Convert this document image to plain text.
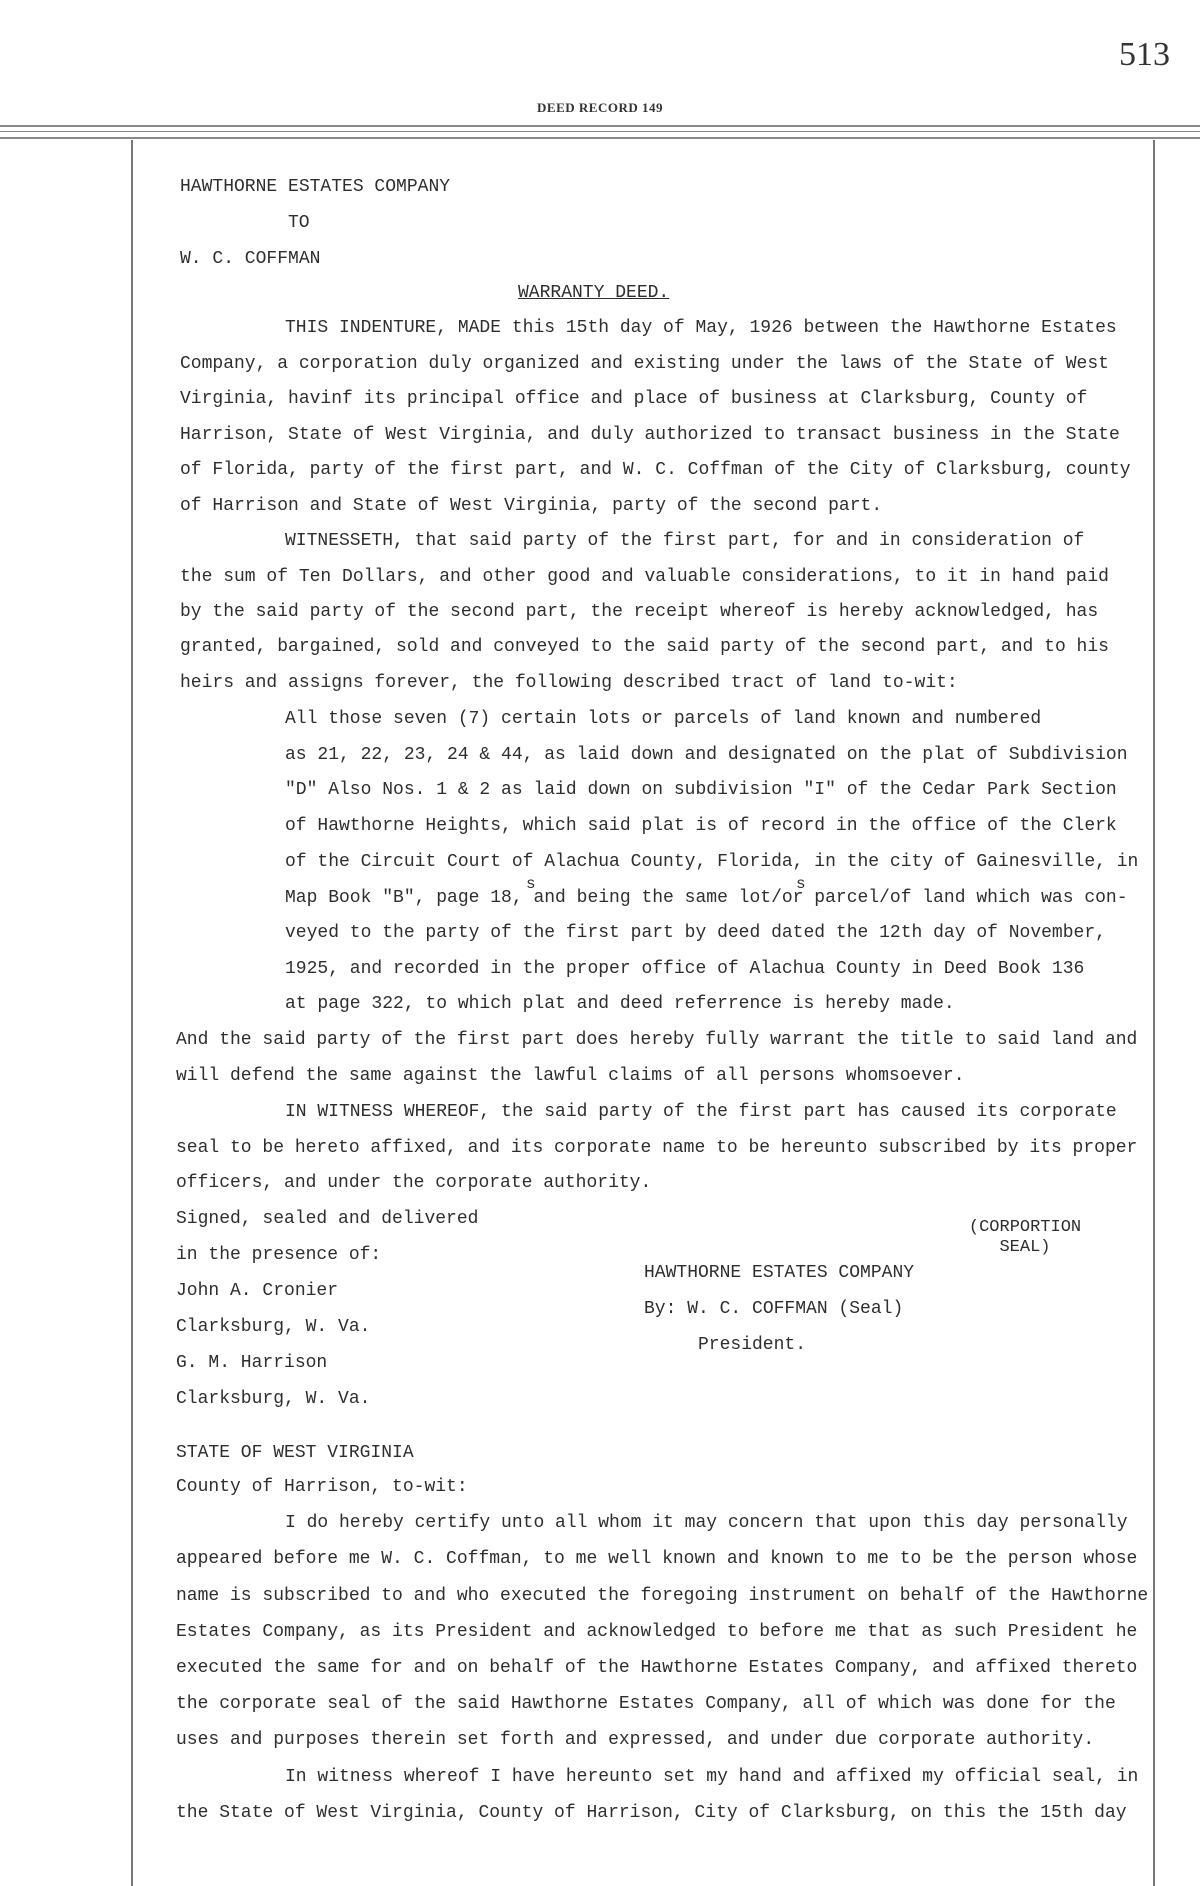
513
DEED RECORD 149
HAWTHORNE ESTATES COMPANY
TO
W. C. COFFMAN
WARRANTY DEED.
THIS INDENTURE, MADE this 15th day of May, 1926 between the Hawthorne Estates
Company, a corporation duly organized and existing under the laws of the State of West
Virginia, havinf its principal office and place of business at Clarksburg, County of
Harrison, State of West Virginia, and duly authorized to transact business in the State
of Florida, party of the first part, and W. C. Coffman of the City of Clarksburg, county
of Harrison and State of West Virginia, party of the second part.
WITNESSETH, that said party of the first part, for and in consideration of
the sum of Ten Dollars, and other good and valuable considerations, to it in hand paid
by the said party of the second part, the receipt whereof is hereby acknowledged, has
granted, bargained, sold and conveyed to the said party of the second part, and to his
heirs and assigns forever, the following described tract of land to-wit:
All those seven (7) certain lots or parcels of land known and numbered
as 21, 22, 23, 24 & 44, as laid down and designated on the plat of Subdivision
"D" Also Nos. 1 & 2 as laid down on subdivision "I" of the Cedar Park Section
of Hawthorne Heights, which said plat is of record in the office of the Clerk
of the Circuit Court of Alachua County, Florida, in the city of Gainesville, in
s	s
Map Book "B", page 18, and being the same lot/or parcel/of land which was con-
veyed to the party of the first part by deed dated the 12th day of November,
1925, and recorded in the proper office of Alachua County in Deed Book 136
at page 322, to which plat and deed referrence is hereby made.
And the said party of the first part does hereby fully warrant the title to said land and
will defend the same against the lawful claims of all persons whomsoever.
IN WITNESS WHEREOF, the said party of the first part has caused its corporate
seal to be hereto affixed, and its corporate name to be hereunto subscribed by its proper
officers, and under the corporate authority.
Signed, sealed and delivered
in the presence of:
John A. Cronier
Clarksburg, W. Va.
G. M. Harrison
Clarksburg, W. Va.
(CORPORTION
SEAL)
HAWTHORNE ESTATES COMPANY
By: W. C. COFFMAN (Seal)
President.
STATE OF WEST VIRGINIA
County of Harrison, to-wit:
I do hereby certify unto all whom it may concern that upon this day personally
appeared before me W. C. Coffman, to me well known and known to me to be the person whose
name is subscribed to and who executed the foregoing instrument on behalf of the Hawthorne
Estates Company, as its President and acknowledged to before me that as such President he
executed the same for and on behalf of the Hawthorne Estates Company, and affixed thereto
the corporate seal of the said Hawthorne Estates Company, all of which was done for the
uses and purposes therein set forth and expressed, and under due corporate authority.
In witness whereof I have hereunto set my hand and affixed my official seal, in
the State of West Virginia, County of Harrison, City of Clarksburg, on this the 15th day
